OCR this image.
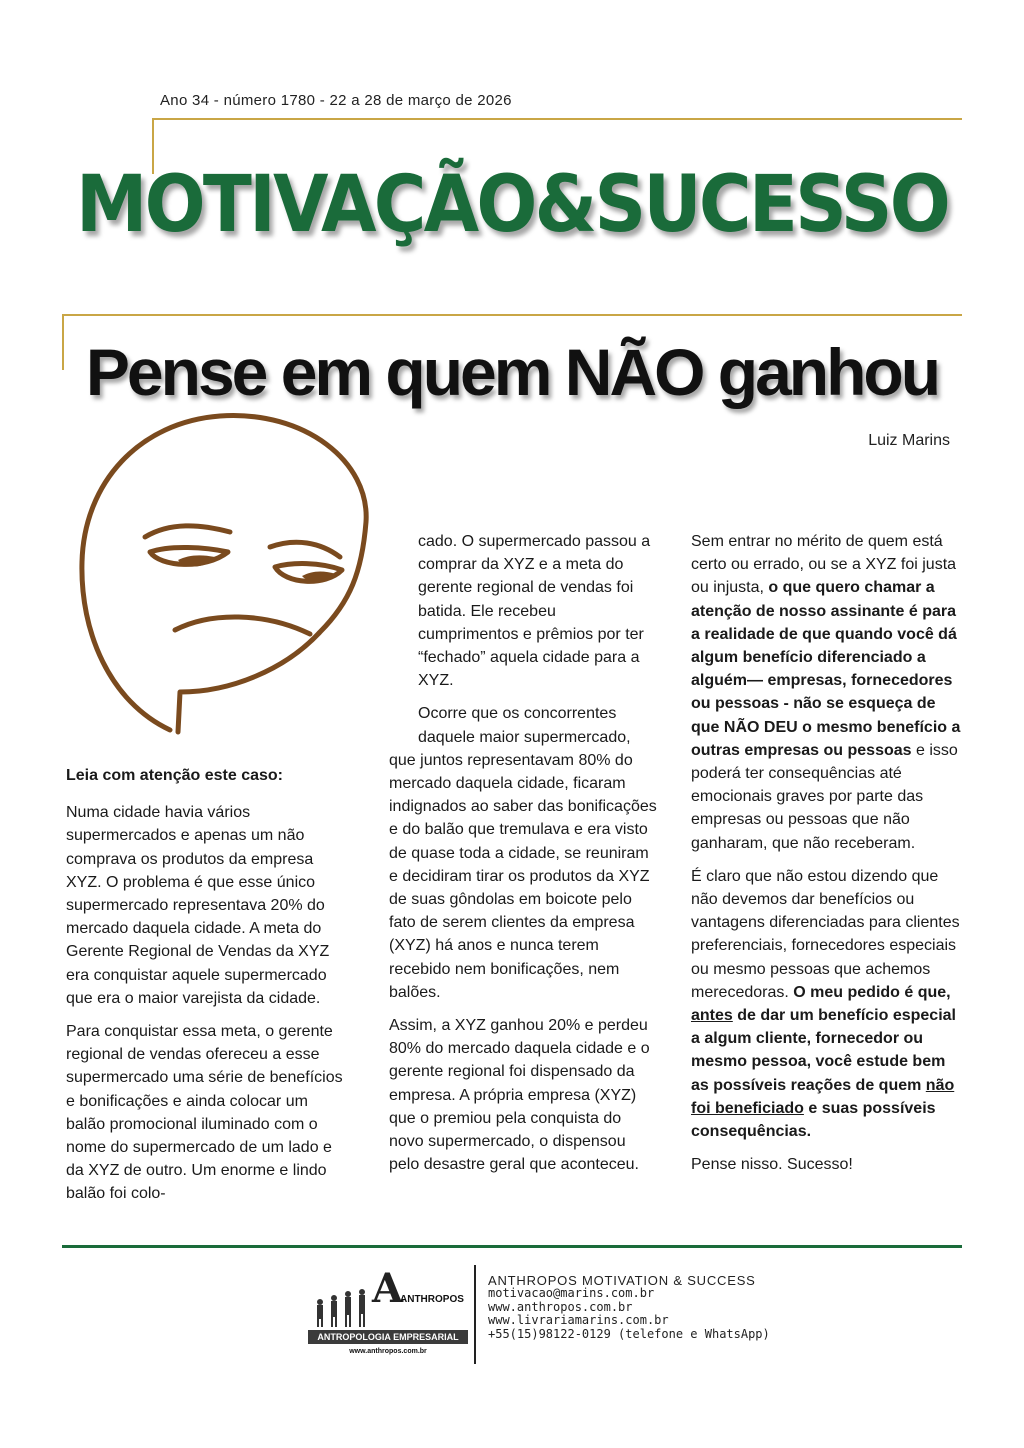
Ano 34 - número 1780 - 22 a 28 de março de 2026
MOTIVAÇÃO&SUCESSO
Pense em quem NÃO ganhou
Luiz Marins

Leia com atenção este caso:

Numa cidade havia vários supermercados e apenas um não comprava os produtos da empresa XYZ. O problema é que esse único supermercado representava 20% do mercado daquela cidade. A meta do Gerente Regional de Vendas da XYZ era conquistar aquele supermercado que era o maior varejista da cidade.

Para conquistar essa meta, o gerente regional de vendas ofereceu a esse supermercado uma série de benefícios e bonificações e ainda colocar um balão promocional iluminado com o nome do supermercado de um lado e da XYZ de outro. Um enorme e lindo balão foi colo-

cado. O supermercado passou a comprar da XYZ e a meta do gerente regional de vendas foi batida. Ele recebeu cumprimentos e prêmios por ter “fechado” aquela cidade para a XYZ.

Ocorre que os concorrentes daquele maior supermercado,

que juntos representavam 80% do mercado daquela cidade, ficaram indignados ao saber das bonificações e do balão que tremulava e era visto de quase toda a cidade, se reuniram e decidiram tirar os produtos da XYZ de suas gôndolas em boicote pelo fato de serem clientes da empresa (XYZ) há anos e nunca terem recebido nem bonificações, nem balões.

Assim, a XYZ ganhou 20% e perdeu 80% do mercado daquela cidade e o gerente regional foi dispensado da empresa. A própria empresa (XYZ) que o premiou pela conquista do novo supermercado, o dispensou pelo desastre geral que aconteceu.

Sem entrar no mérito de quem está certo ou errado, ou se a XYZ foi justa ou injusta, o que quero chamar a atenção de nosso assinante é para a realidade de que quando você dá algum benefício diferenciado a alguém— empresas, fornecedores ou pessoas - não se esqueça de que NÃO DEU o mesmo benefício a outras empresas ou pessoas e isso poderá ter consequências até emocionais graves por parte das empresas ou pessoas que não ganharam, que não receberam.

É claro que não estou dizendo que não devemos dar benefícios ou vantagens diferenciadas para clientes preferenciais, fornecedores especiais ou mesmo pessoas que achemos merecedoras. O meu pedido é que, antes de dar um benefício especial a algum cliente, fornecedor ou mesmo pessoa, você estude bem as possíveis reações de quem não foi beneficiado e suas possíveis consequências.

Pense nisso. Sucesso!

A
ANTHROPOS
ANTROPOLOGIA EMPRESARIAL
www.anthropos.com.br
ANTHROPOS MOTIVATION & SUCCESS
motivacao@marins.com.br
www.anthropos.com.br
www.livrariamarins.com.br
+55(15)98122-0129 (telefone e WhatsApp)
